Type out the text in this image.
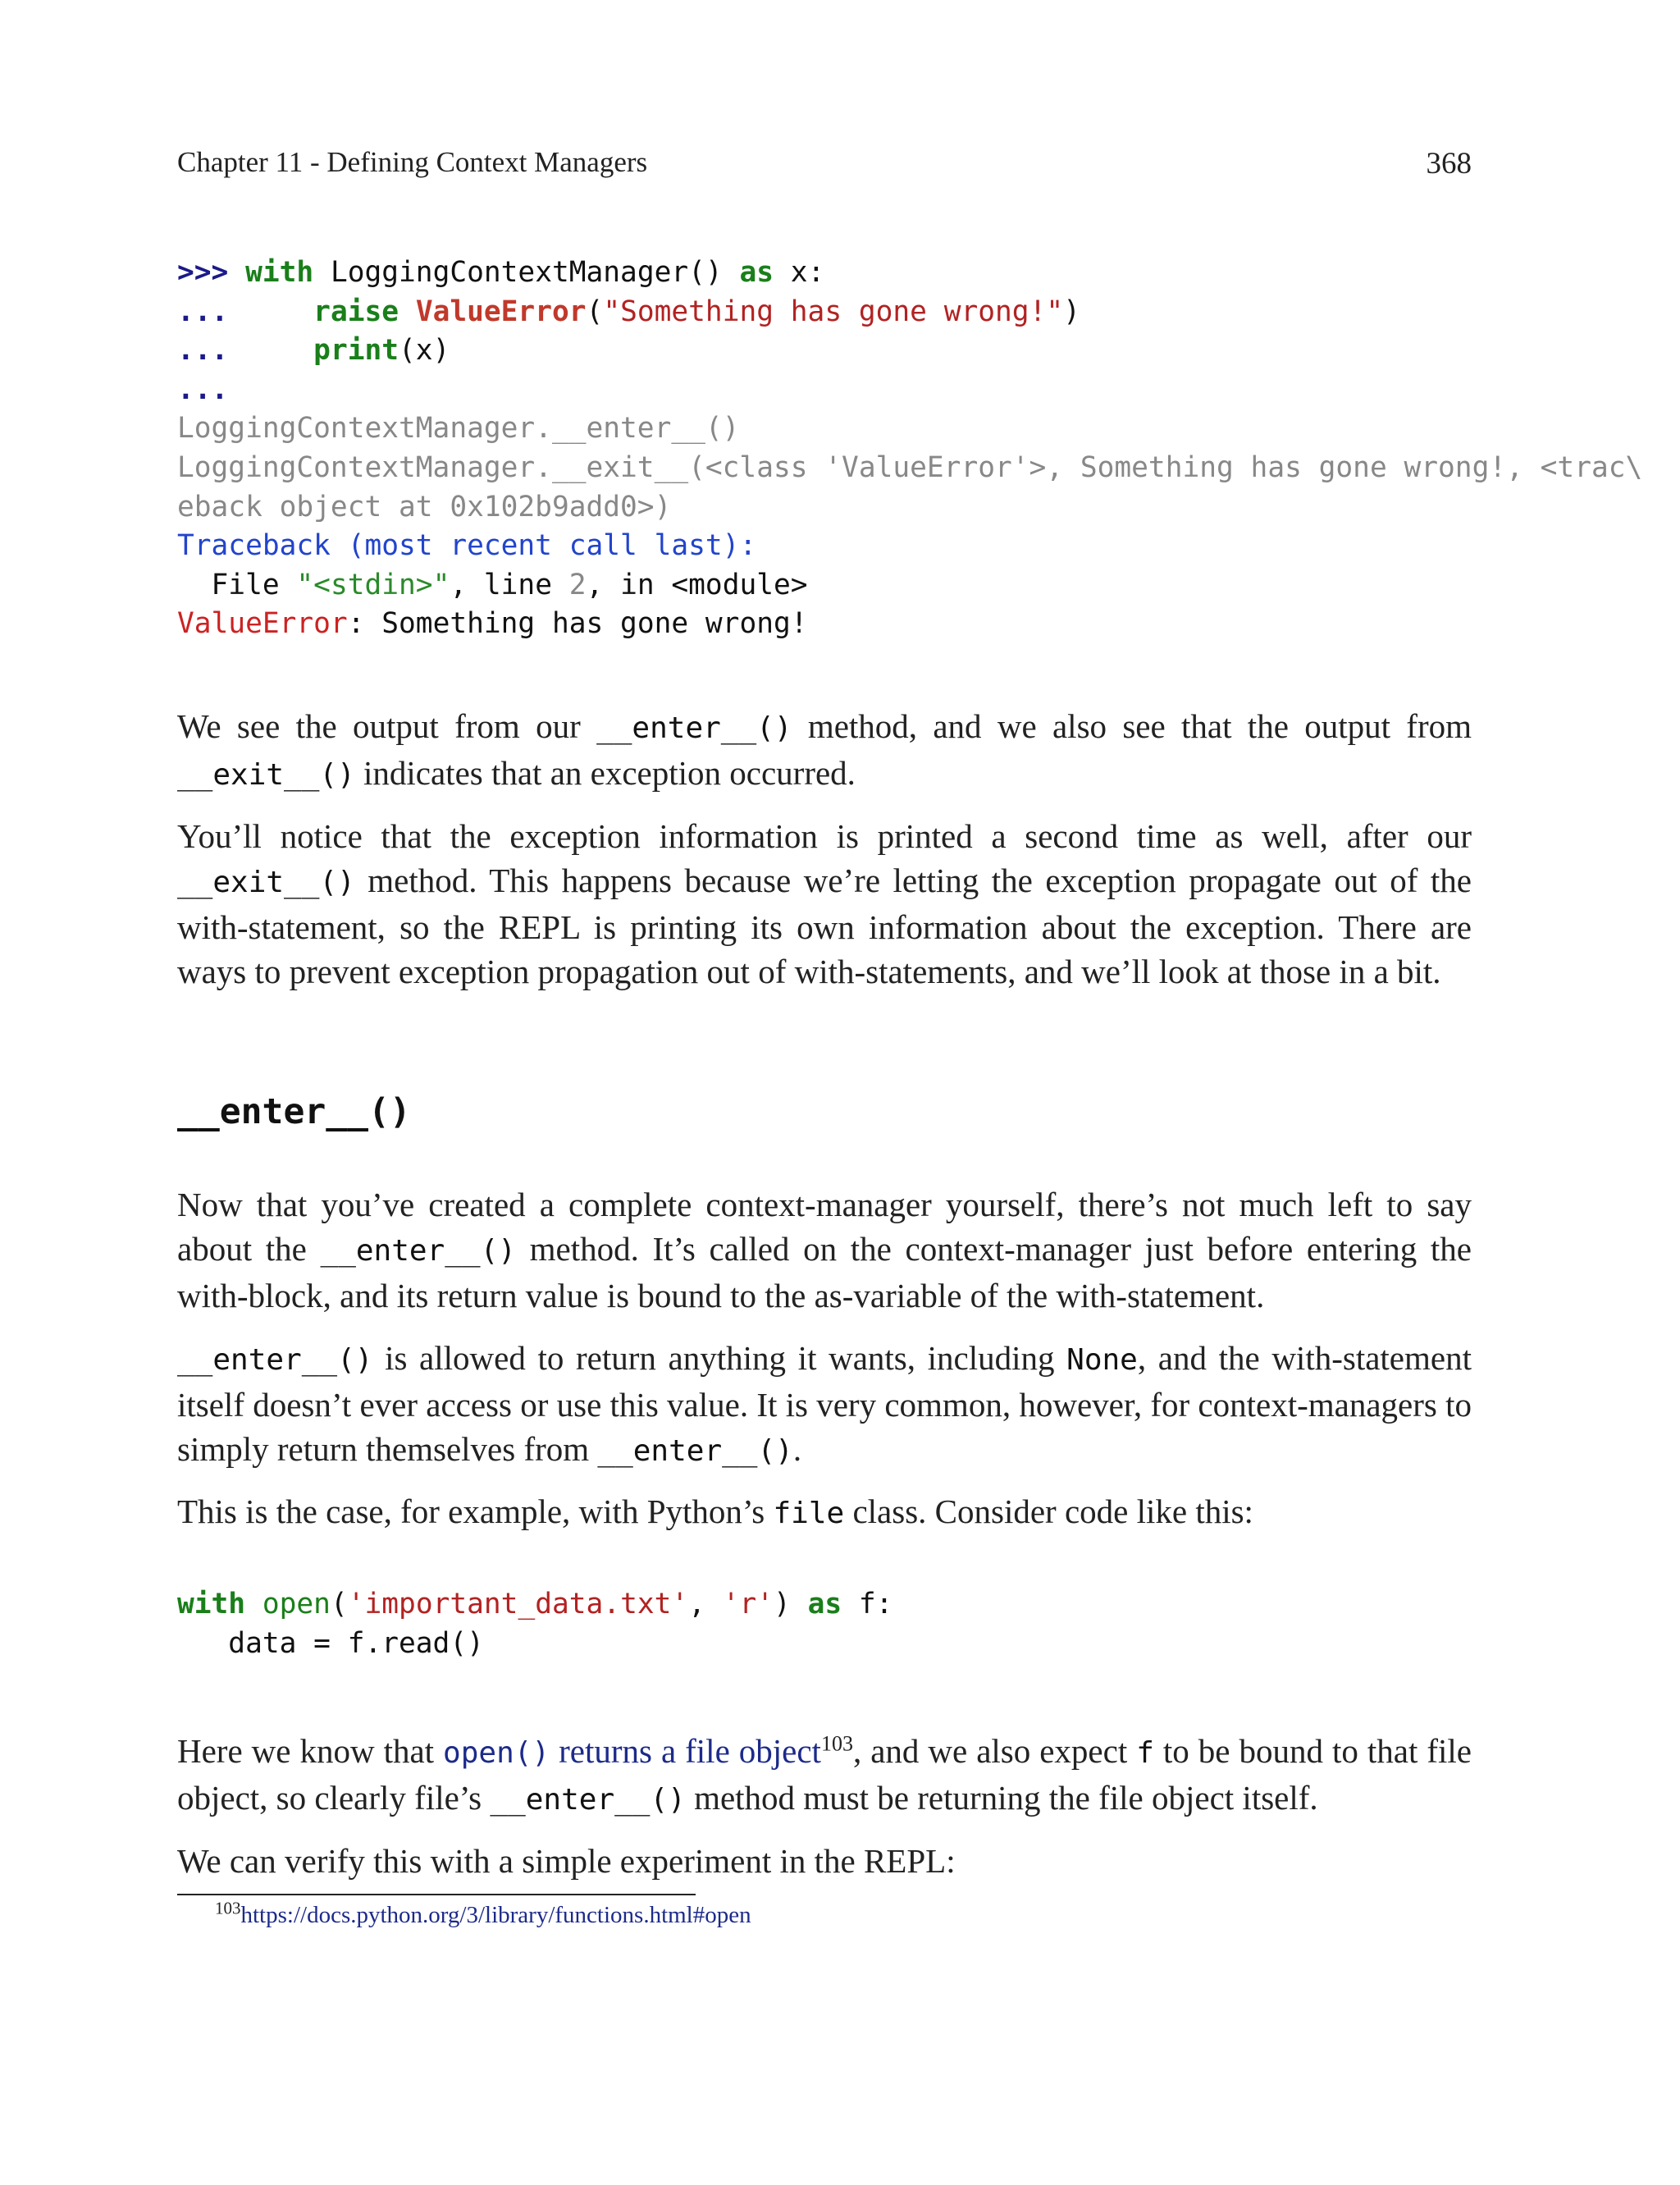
Chapter 11 - Defining Context Managers	368
>>> with LoggingContextManager() as x:
...	raise ValueError("Something has gone wrong!")
...	print(x)
...
LoggingContextManager.__enter__()
LoggingContextManager.__exit__(<class 'ValueError'>, Something has gone wrong!, <trac\
eback object at 0x102b9add0>)
Traceback (most recent call last):
File "<stdin>", line 2, in <module>
ValueError: Something has gone wrong!

We see the output from our __enter__() method, and we also see that the output from __exit__() indicates that an exception occurred.

You’ll notice that the exception information is printed a second time as well, after our __exit__() method. This happens because we’re letting the exception propagate out of the with-statement, so the REPL is printing its own information about the exception. There are ways to prevent exception propagation out of with-statements, and we’ll look at those in a bit.

__enter__()

Now that you’ve created a complete context-manager yourself, there’s not much left to say about the __enter__() method. It’s called on the context-manager just before entering the with-block, and its return value is bound to the as-variable of the with-statement.

__enter__() is allowed to return anything it wants, including None, and the with-statement itself doesn’t ever access or use this value. It is very common, however, for context-managers to simply return themselves from __enter__().

This is the case, for example, with Python’s file class. Consider code like this:

with open('important_data.txt', 'r') as f:
data = f.read()

Here we know that open() returns a file object$^{103}$, and we also expect f to be bound to that file object, so clearly file’s __enter__() method must be returning the file object itself.

We can verify this with a simple experiment in the REPL:

$^{103}$https://docs.python.org/3/library/functions.html#open
